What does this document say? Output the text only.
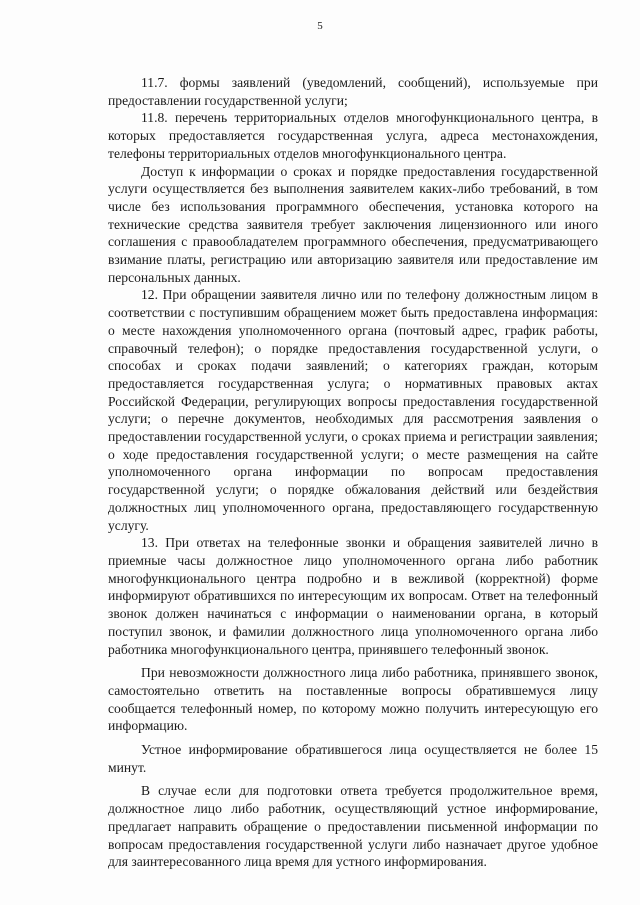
5

11.7. формы заявлений (уведомлений, сообщений), используемые при предоставлении государственной услуги;

11.8. перечень территориальных отделов многофункционального центра, в которых предоставляется государственная услуга, адреса местонахождения, телефоны территориальных отделов многофункционального центра.

Доступ к информации о сроках и порядке предоставления государственной услуги осуществляется без выполнения заявителем каких-либо требований, в том числе без использования программного обеспечения, установка которого на технические средства заявителя требует заключения лицензионного или иного соглашения с правообладателем программного обеспечения, предусматривающего взимание платы, регистрацию или авторизацию заявителя или предоставление им персональных данных.

12. При обращении заявителя лично или по телефону должностным лицом в соответствии с поступившим обращением может быть предоставлена информация: о месте нахождения уполномоченного органа (почтовый адрес, график работы, справочный телефон); о порядке предоставления государственной услуги, о способах и сроках подачи заявлений; о категориях граждан, которым предоставляется государственная услуга; о нормативных правовых актах Российской Федерации, регулирующих вопросы предоставления государственной услуги; о перечне документов, необходимых для рассмотрения заявления о предоставлении государственной услуги, о сроках приема и регистрации заявления; о ходе предоставления государственной услуги; о месте размещения на сайте уполномоченного органа информации по вопросам предоставления государственной услуги; о порядке обжалования действий или бездействия должностных лиц уполномоченного органа, предоставляющего государственную услугу.

13. При ответах на телефонные звонки и обращения заявителей лично в приемные часы должностное лицо уполномоченного органа либо работник многофункционального центра подробно и в вежливой (корректной) форме информируют обратившихся по интересующим их вопросам. Ответ на телефонный звонок должен начинаться с информации о наименовании органа, в который поступил звонок, и фамилии должностного лица уполномоченного органа либо работника многофункционального центра, принявшего телефонный звонок.

При невозможности должностного лица либо работника, принявшего звонок, самостоятельно ответить на поставленные вопросы обратившемуся лицу сообщается телефонный номер, по которому можно получить интересующую его информацию.

Устное информирование обратившегося лица осуществляется не более 15 минут.

В случае если для подготовки ответа требуется продолжительное время, должностное лицо либо работник, осуществляющий устное информирование, предлагает направить обращение о предоставлении письменной информации по вопросам предоставления государственной услуги либо назначает другое удобное для заинтересованного лица время для устного информирования.
